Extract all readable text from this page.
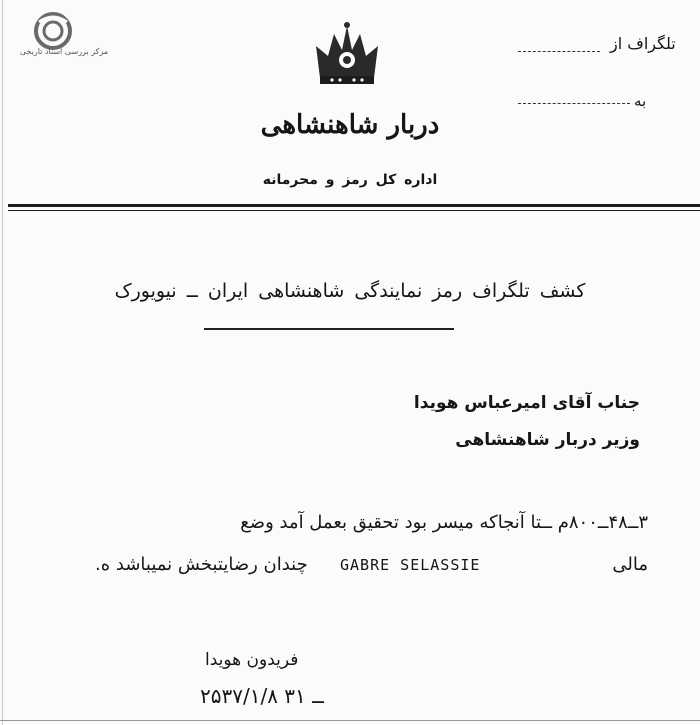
مرکز بررسی اسناد تاریخی	تلگراف از
به
دربار شاهنشاهی
اداره کل رمز و محرمانه
کشف تلگراف رمز نمایندگی شاهنشاهی ایران ــ نیویورک
جناب آقای امیرعباس هویدا
وزیر دربار شاهنشاهی
۳ــ۴۸ــ۸۰۰م ــتا آنجاکه میسر بود تحقیق بعمل آمد وضع
مالی
GABRE SELASSIE
چندان رضایتبخش نمیباشد ه.
فریدون هویدا
۲۵۳۷/۱/۸ ــ ۳۱
